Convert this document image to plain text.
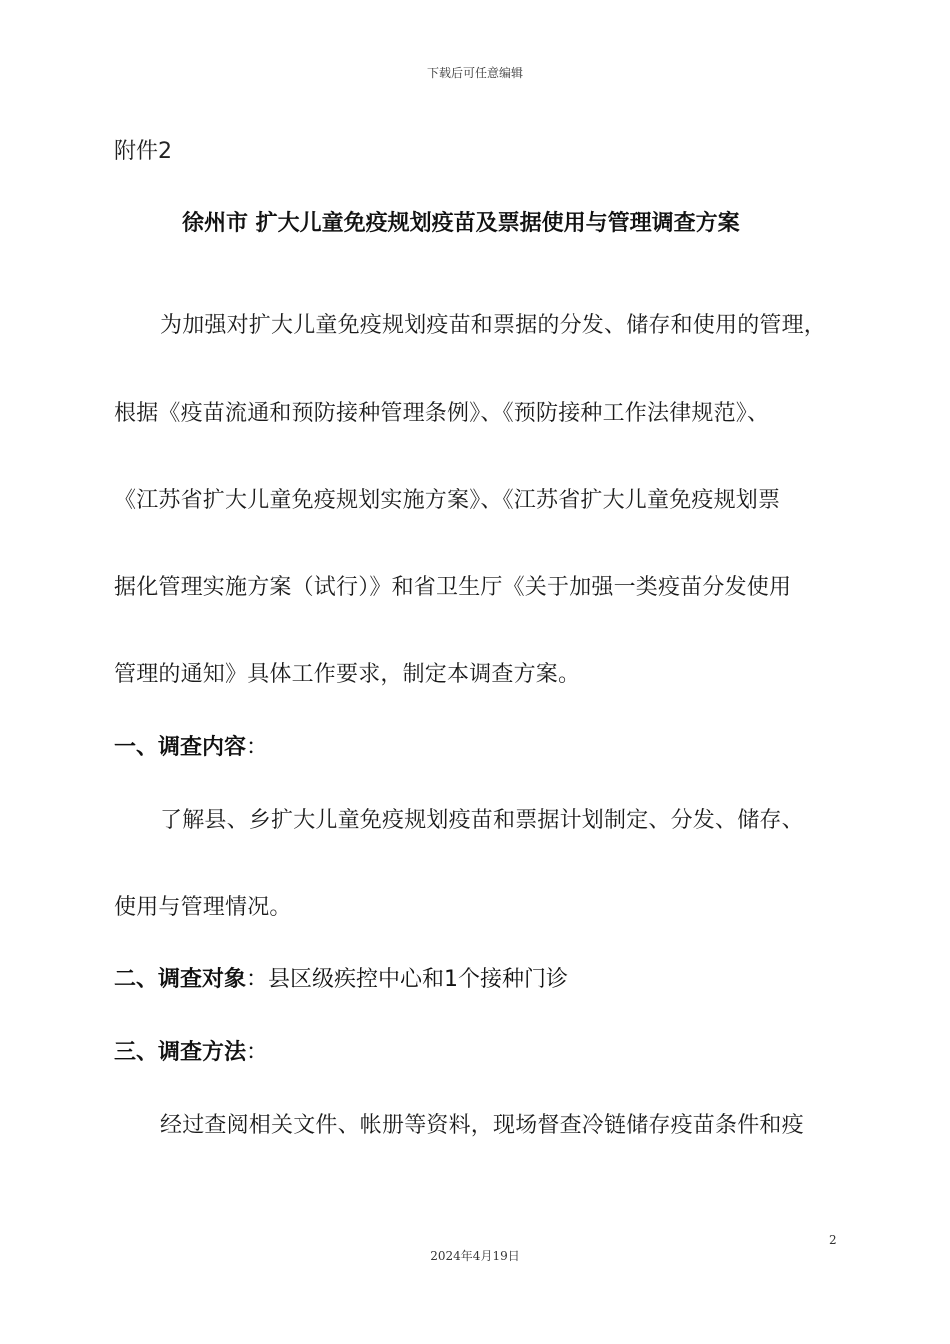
下载后可任意编辑
附件2
徐州市 扩大儿童免疫规划疫苗及票据使用与管理调查方案
为加强对扩大儿童免疫规划疫苗和票据的分发、储存和使用的管理，
根据《疫苗流通和预防接种管理条例》、《预防接种工作法律规范》、
《江苏省扩大儿童免疫规划实施方案》、《江苏省扩大儿童免疫规划票
据化管理实施方案（试行）》和省卫生厅《关于加强一类疫苗分发使用
管理的通知》具体工作要求，制定本调查方案。
一、调查内容：
了解县、乡扩大儿童免疫规划疫苗和票据计划制定、分发、储存、
使用与管理情况。
二、调查对象：县区级疾控中心和1个接种门诊
三、调查方法：
经过查阅相关文件、帐册等资料，现场督查冷链储存疫苗条件和疫
2
2024年4月19日
